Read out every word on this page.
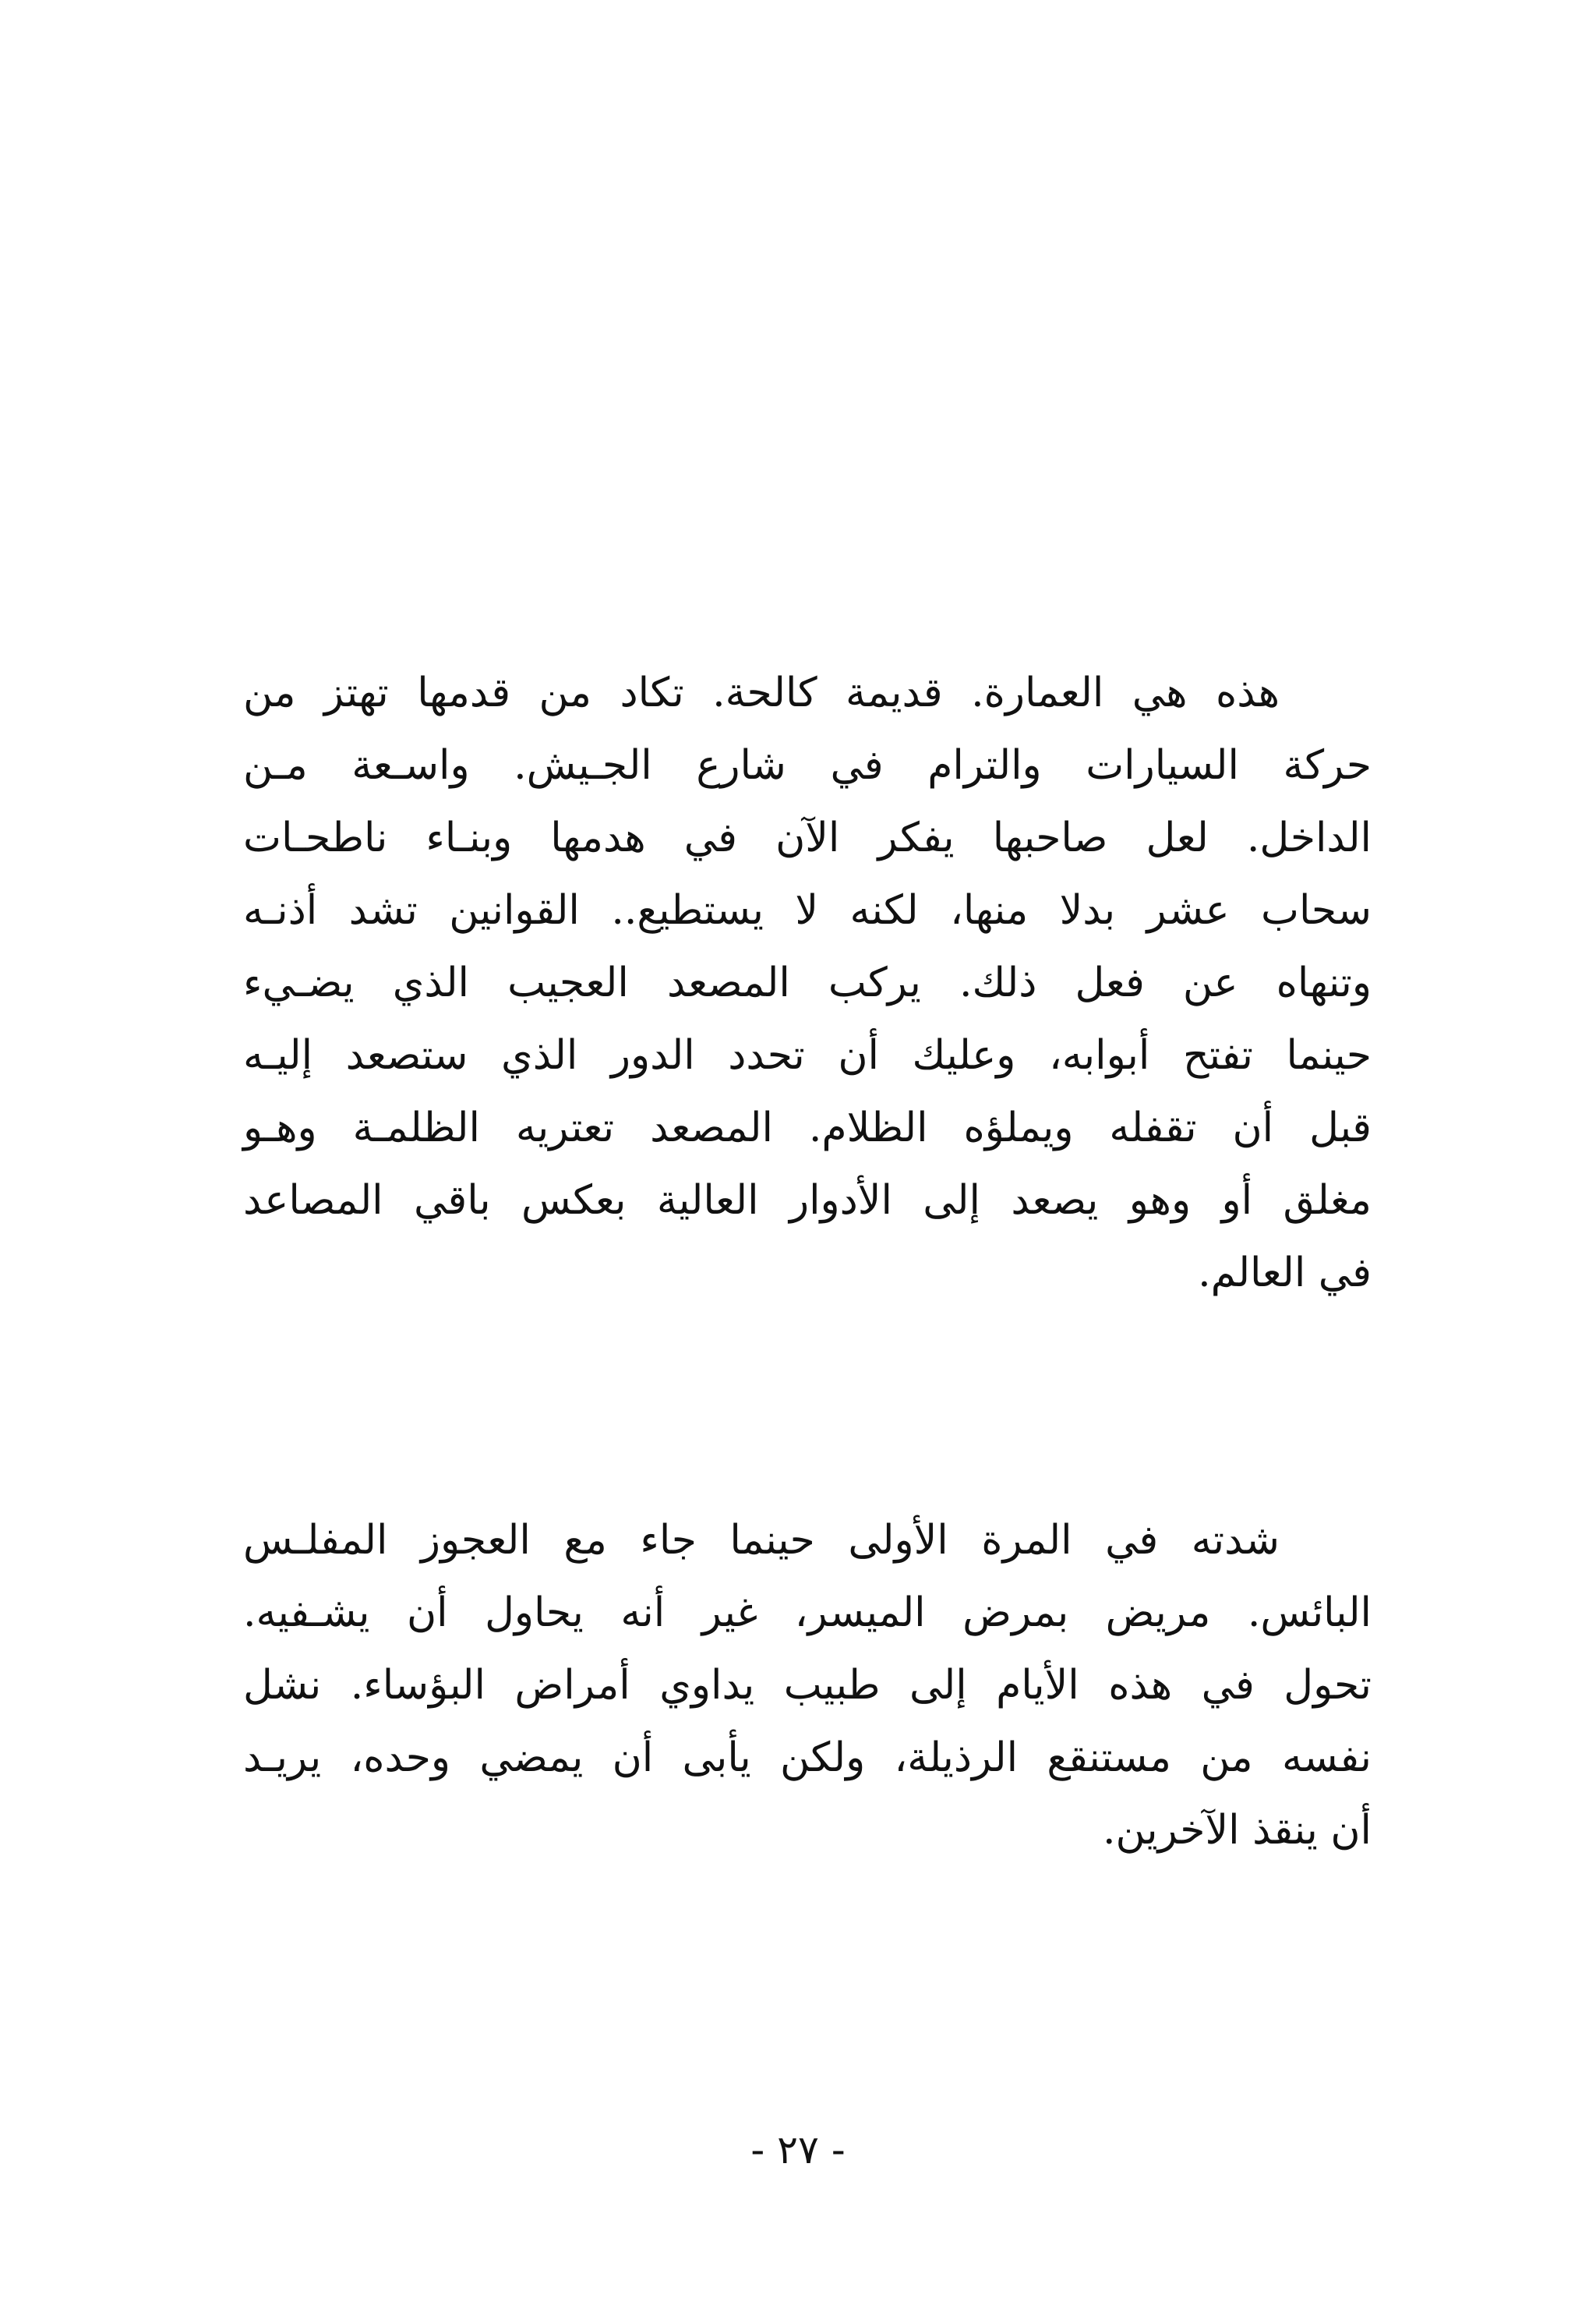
هذه هي العمارة. قديمة كالحة. تكاد من قدمها تهتز من
حركة السيارات والترام في شارع الجـيش. واسـعة مـن
الداخل. لعل صاحبها يفكر الآن في هدمها وبنـاء ناطحـات
سحاب عشر بدلا منها، لكنه لا يستطيع.. القوانين تشد أذنـه
وتنهاه عن فعل ذلك. يركب المصعد العجيب الذي يضـيء
حينما تفتح أبوابه، وعليك أن تحدد الدور الذي ستصعد إليـه
قبل أن تقفله ويملؤه الظلام. المصعد تعتريه الظلمـة وهـو
مغلق أو وهو يصعد إلى الأدوار العالية بعكس باقي المصاعد
في العالم.
شدته في المرة الأولى حينما جاء مع العجوز المفلـس
البائس. مريض بمرض الميسر، غير أنه يحاول أن يشـفيه.
تحول في هذه الأيام إلى طبيب يداوي أمراض البؤساء. نشل
نفسه من مستنقع الرذيلة، ولكن يأبى أن يمضي وحده، يريـد
أن ينقذ الآخرين.
- ٢٧ -
